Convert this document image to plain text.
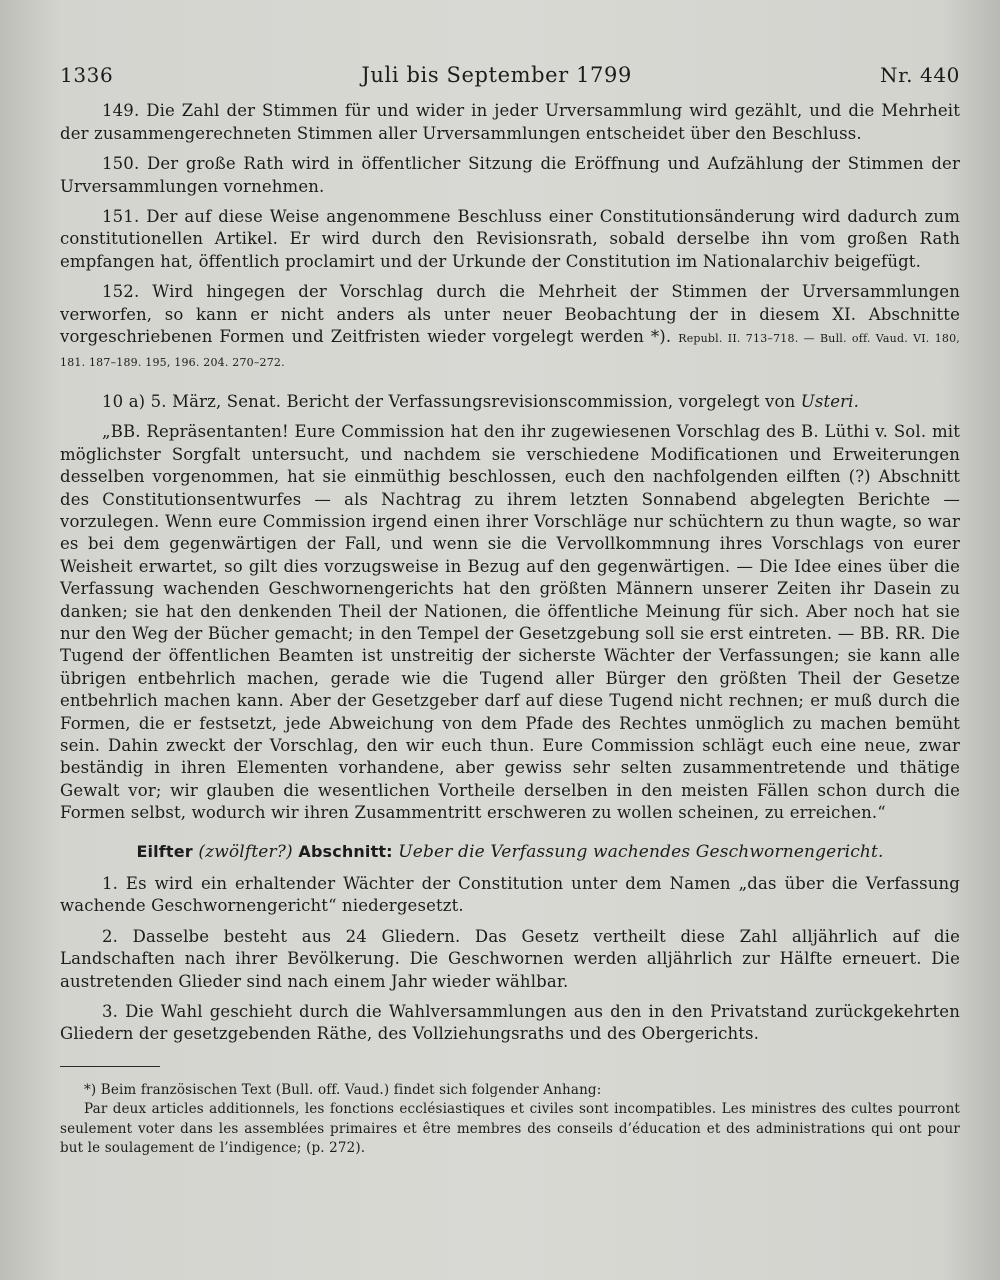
1336	Juli bis September 1799	Nr. 440

149. Die Zahl der Stimmen für und wider in jeder Urversammlung wird gezählt, und die Mehrheit der zusammengerechneten Stimmen aller Urversammlungen entscheidet über den Beschluss.

150. Der große Rath wird in öffentlicher Sitzung die Eröffnung und Aufzählung der Stimmen der Urversammlungen vornehmen.

151. Der auf diese Weise angenommene Beschluss einer Constitutionsänderung wird dadurch zum constitutionellen Artikel. Er wird durch den Revisionsrath, sobald derselbe ihn vom großen Rath empfangen hat, öffentlich proclamirt und der Urkunde der Constitution im Nationalarchiv beigefügt.

152. Wird hingegen der Vorschlag durch die Mehrheit der Stimmen der Urversammlungen verworfen, so kann er nicht anders als unter neuer Beobachtung der in diesem XI. Abschnitte vorgeschriebenen Formen und Zeitfristen wieder vorgelegt werden *). Republ. II. 713–718. — Bull. off. Vaud. VI. 180, 181. 187–189. 195, 196. 204. 270–272.

10 a) 5. März, Senat. Bericht der Verfassungsrevisionscommission, vorgelegt von Usteri.

„BB. Repräsentanten! Eure Commission hat den ihr zugewiesenen Vorschlag des B. Lüthi v. Sol. mit möglichster Sorgfalt untersucht, und nachdem sie verschiedene Modificationen und Erweiterungen desselben vorgenommen, hat sie einmüthig beschlossen, euch den nachfolgenden eilften (?) Abschnitt des Constitutionsentwurfes — als Nachtrag zu ihrem letzten Sonnabend abgelegten Berichte — vorzulegen. Wenn eure Commission irgend einen ihrer Vorschläge nur schüchtern zu thun wagte, so war es bei dem gegenwärtigen der Fall, und wenn sie die Vervollkommnung ihres Vorschlags von eurer Weisheit erwartet, so gilt dies vorzugsweise in Bezug auf den gegenwärtigen. — Die Idee eines über die Verfassung wachenden Geschwornengerichts hat den größten Männern unserer Zeiten ihr Dasein zu danken; sie hat den denkenden Theil der Nationen, die öffentliche Meinung für sich. Aber noch hat sie nur den Weg der Bücher gemacht; in den Tempel der Gesetzgebung soll sie erst eintreten. — BB. RR. Die Tugend der öffentlichen Beamten ist unstreitig der sicherste Wächter der Verfassungen; sie kann alle übrigen entbehrlich machen, gerade wie die Tugend aller Bürger den größten Theil der Gesetze entbehrlich machen kann. Aber der Gesetzgeber darf auf diese Tugend nicht rechnen; er muß durch die Formen, die er festsetzt, jede Abweichung von dem Pfade des Rechtes unmöglich zu machen bemüht sein. Dahin zweckt der Vorschlag, den wir euch thun. Eure Commission schlägt euch eine neue, zwar beständig in ihren Elementen vorhandene, aber gewiss sehr selten zusammentretende und thätige Gewalt vor; wir glauben die wesentlichen Vortheile derselben in den meisten Fällen schon durch die Formen selbst, wodurch wir ihren Zusammentritt erschweren zu wollen scheinen, zu erreichen.“

Eilfter (zwölfter?) Abschnitt: Ueber die Verfassung wachendes Geschwornengericht.

1. Es wird ein erhaltender Wächter der Constitution unter dem Namen „das über die Verfassung wachende Geschwornengericht“ niedergesetzt.

2. Dasselbe besteht aus 24 Gliedern. Das Gesetz vertheilt diese Zahl alljährlich auf die Landschaften nach ihrer Bevölkerung. Die Geschwornen werden alljährlich zur Hälfte erneuert. Die austretenden Glieder sind nach einem Jahr wieder wählbar.

3. Die Wahl geschieht durch die Wahlversammlungen aus den in den Privatstand zurückgekehrten Gliedern der gesetzgebenden Räthe, des Vollziehungsraths und des Obergerichts.

*) Beim französischen Text (Bull. off. Vaud.) findet sich folgender Anhang:

Par deux articles additionnels, les fonctions ecclésiastiques et civiles sont incompatibles. Les ministres des cultes pourront seulement voter dans les assemblées primaires et être membres des conseils d’éducation et des administrations qui ont pour but le soulagement de l’indigence; (p. 272).
